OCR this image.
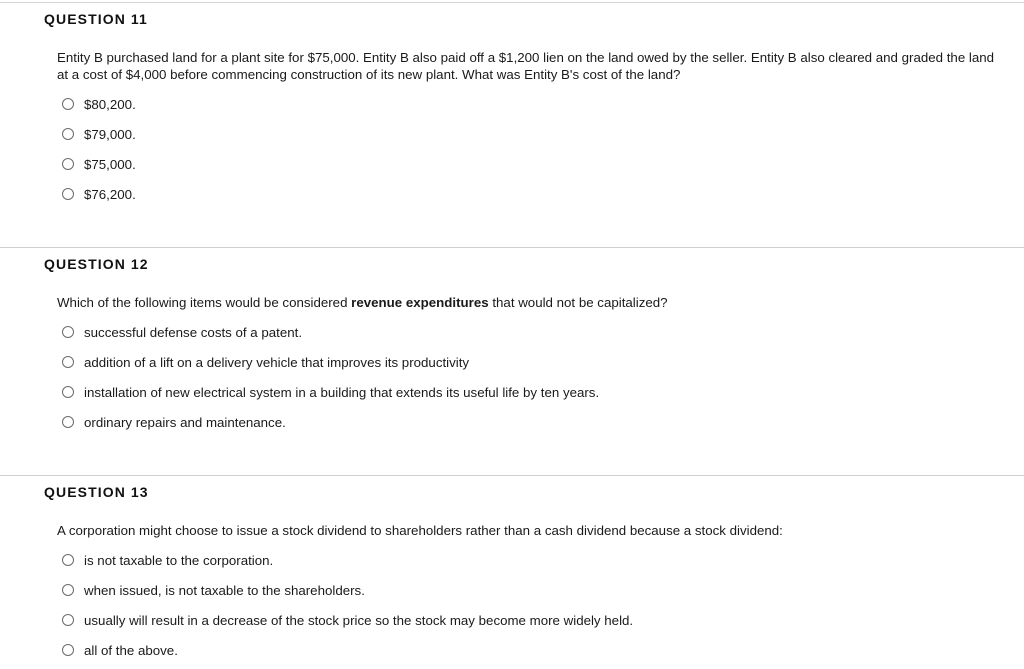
QUESTION 11
Entity B purchased land for a plant site for $75,000. Entity B also paid off a $1,200 lien on the land owed by the seller. Entity B also cleared and graded the land at a cost of $4,000 before commencing construction of its new plant. What was Entity B's cost of the land?
$80,200.
$79,000.
$75,000.
$76,200.
QUESTION 12
Which of the following items would be considered revenue expenditures that would not be capitalized?
successful defense costs of a patent.
addition of a lift on a delivery vehicle that improves its productivity
installation of new electrical system in a building that extends its useful life by ten years.
ordinary repairs and maintenance.
QUESTION 13
A corporation might choose to issue a stock dividend to shareholders rather than a cash dividend because a stock dividend:
is not taxable to the corporation.
when issued, is not taxable to the shareholders.
usually will result in a decrease of the stock price so the stock may become more widely held.
all of the above.
